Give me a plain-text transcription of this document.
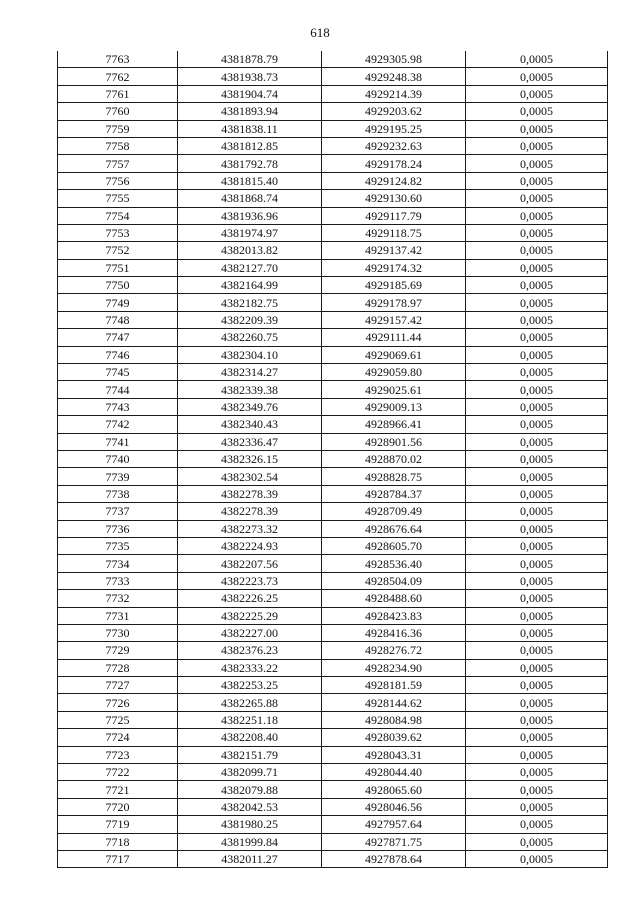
618
7763	4381878.79	4929305.98	0,0005
7762	4381938.73	4929248.38	0,0005
7761	4381904.74	4929214.39	0,0005
7760	4381893.94	4929203.62	0,0005
7759	4381838.11	4929195.25	0,0005
7758	4381812.85	4929232.63	0,0005
7757	4381792.78	4929178.24	0,0005
7756	4381815.40	4929124.82	0,0005
7755	4381868.74	4929130.60	0,0005
7754	4381936.96	4929117.79	0,0005
7753	4381974.97	4929118.75	0,0005
7752	4382013.82	4929137.42	0,0005
7751	4382127.70	4929174.32	0,0005
7750	4382164.99	4929185.69	0,0005
7749	4382182.75	4929178.97	0,0005
7748	4382209.39	4929157.42	0,0005
7747	4382260.75	4929111.44	0,0005
7746	4382304.10	4929069.61	0,0005
7745	4382314.27	4929059.80	0,0005
7744	4382339.38	4929025.61	0,0005
7743	4382349.76	4929009.13	0,0005
7742	4382340.43	4928966.41	0,0005
7741	4382336.47	4928901.56	0,0005
7740	4382326.15	4928870.02	0,0005
7739	4382302.54	4928828.75	0,0005
7738	4382278.39	4928784.37	0,0005
7737	4382278.39	4928709.49	0,0005
7736	4382273.32	4928676.64	0,0005
7735	4382224.93	4928605.70	0,0005
7734	4382207.56	4928536.40	0,0005
7733	4382223.73	4928504.09	0,0005
7732	4382226.25	4928488.60	0,0005
7731	4382225.29	4928423.83	0,0005
7730	4382227.00	4928416.36	0,0005
7729	4382376.23	4928276.72	0,0005
7728	4382333.22	4928234.90	0,0005
7727	4382253.25	4928181.59	0,0005
7726	4382265.88	4928144.62	0,0005
7725	4382251.18	4928084.98	0,0005
7724	4382208.40	4928039.62	0,0005
7723	4382151.79	4928043.31	0,0005
7722	4382099.71	4928044.40	0,0005
7721	4382079.88	4928065.60	0,0005
7720	4382042.53	4928046.56	0,0005
7719	4381980.25	4927957.64	0,0005
7718	4381999.84	4927871.75	0,0005
7717	4382011.27	4927878.64	0,0005
